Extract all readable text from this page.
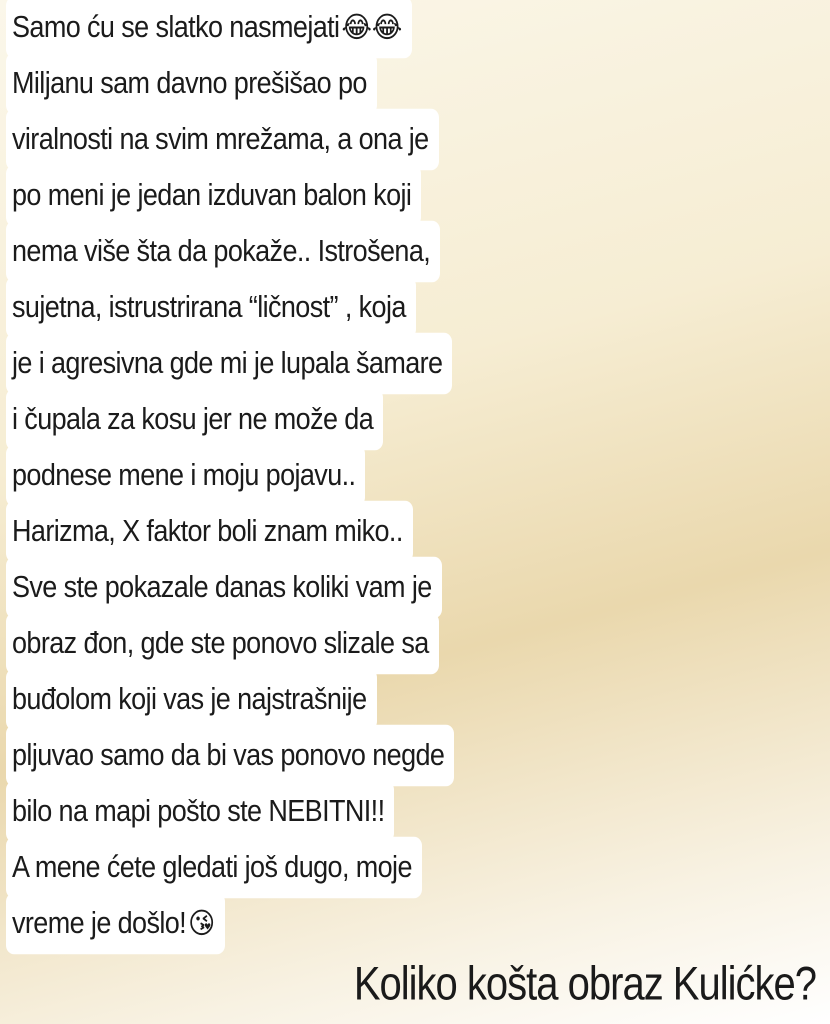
Samo ću se slatko nasmejati 😂😂
Miljanu sam davno prešišao po
viralnosti na svim mrežama, a ona je
po meni je jedan izduvan balon koji
nema više šta da pokaže.. Istrošena,
sujetna, istrustrirana “ličnost” , koja
je i agresivna gde mi je lupala šamare
i čupala za kosu jer ne može da
podnese mene i moju pojavu..
Harizma, X faktor boli znam miko..
Sve ste pokazale danas koliki vam je
obraz đon, gde ste ponovo slizale sa
buđolom koji vas je najstrašnije
pljuvao samo da bi vas ponovo negde
bilo na mapi pošto ste NEBITNI!!
A mene ćete gledati još dugo, moje
vreme je došlo! 😘
Koliko košta obraz Kulićke?
